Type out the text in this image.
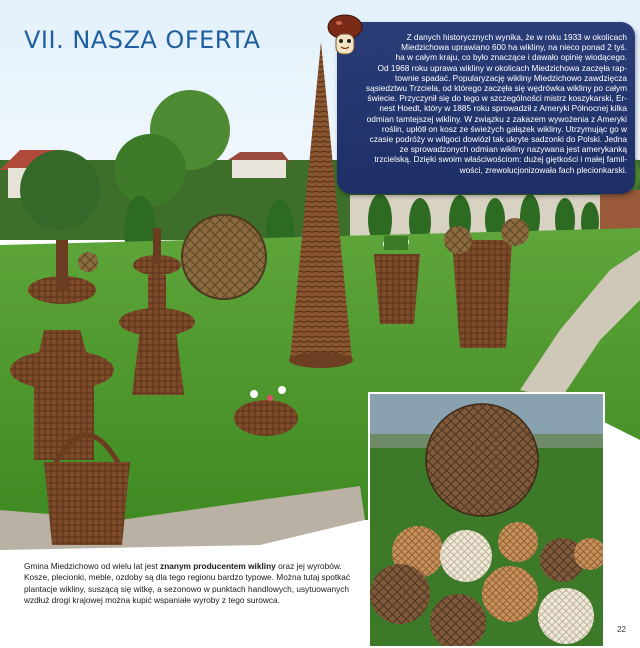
VII. NASZA OFERTA	Z danych historycznych wynika, że w roku 1933 w okolicach
Miedzichowa uprawiano 600 ha wikliny, na nieco ponad 2 tyś.
ha w całym kraju, co było znaczące i dawało opinię wiodącego.
Od 1968 roku uprawa wikliny w okolicach Miedzichowa zaczęła rap-
townie spadać. Popularyzację wikliny Miedzichowo zawdzięcza
sąsiedztwu Trzciela, od którego zaczęła się wędrówka wikliny po całym
świecie. Przyczynił się do tego w szczególności mistrz koszykarski, Er-
nest Hoedt, który w 1885 roku sprowadził z Ameryki Północnej kilka
odmian tamtejszej wikliny. W związku z zakazem wywożenia z Ameryki
roślin, upłótł on kosz ze świeżych gałązek wikliny. Utrzymując go w
czasie podróży w wilgoci dowiózł tak ukryte sadzonki do Polski. Jedna
ze sprowadzonych odmian wikliny nazywana jest amerykanką
trzcielską. Dzięki swoim właściwościom: dużej giętkości i małej famil-
wości, zrewolucjonizowała fach plecionkarski.

Gmina Miedzichowo od wielu lat jest znanym producentem wikliny oraz jej wyrobów. Kosze, plecionki, meble, ozdoby są dla tego regionu bardzo typowe. Można tutaj spotkać plantacje wikliny, suszącą się witkę, a sezonowo w punktach handlowych, usytuowanych wzdłuż drogi krajowej można kupić wspaniałe wyroby z tego surowca.

22
